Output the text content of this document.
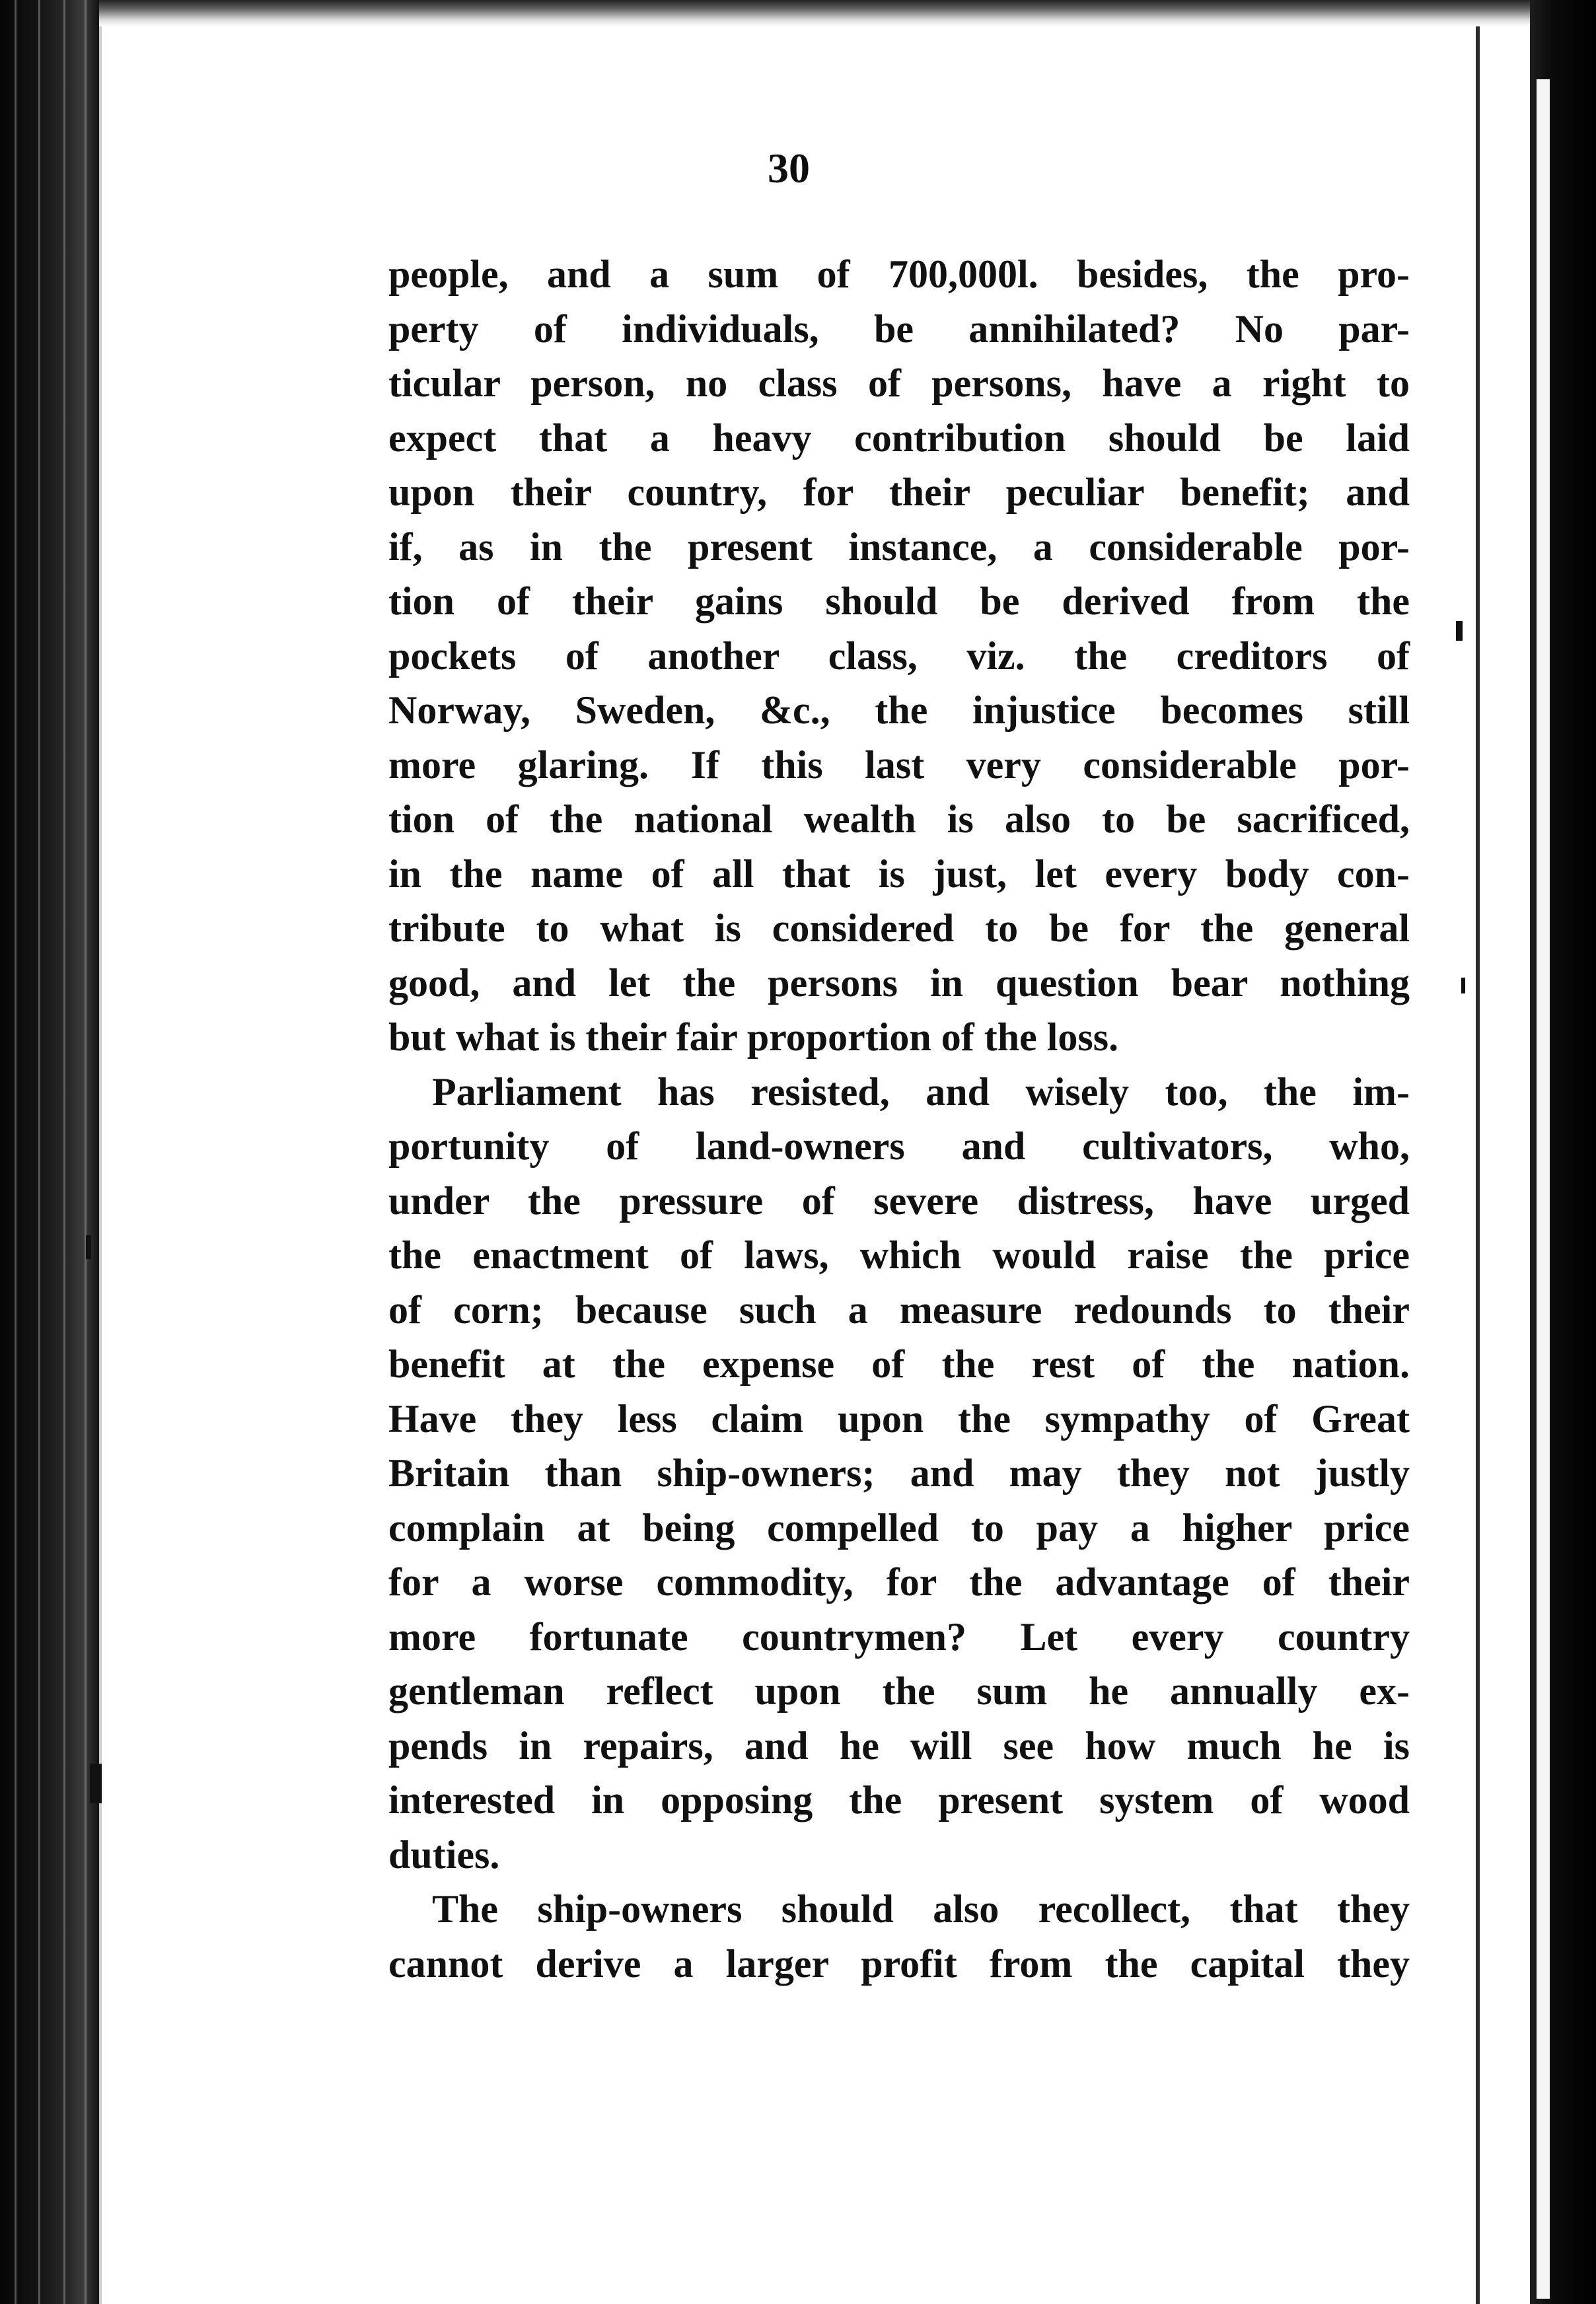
30
people, and a sum of 700,000l. besides, the pro-
perty of individuals, be annihilated? No par-
ticular person, no class of persons, have a right to
expect that a heavy contribution should be laid
upon their country, for their peculiar benefit; and
if, as in the present instance, a considerable por-
tion of their gains should be derived from the
pockets of another class, viz. the creditors of
Norway, Sweden, &c., the injustice becomes still
more glaring. If this last very considerable por-
tion of the national wealth is also to be sacrificed,
in the name of all that is just, let every body con-
tribute to what is considered to be for the general
good, and let the persons in question bear nothing
but what is their fair proportion of the loss.
Parliament has resisted, and wisely too, the im-
portunity of land-owners and cultivators, who,
under the pressure of severe distress, have urged
the enactment of laws, which would raise the price
of corn; because such a measure redounds to their
benefit at the expense of the rest of the nation.
Have they less claim upon the sympathy of Great
Britain than ship-owners; and may they not justly
complain at being compelled to pay a higher price
for a worse commodity, for the advantage of their
more fortunate countrymen? Let every country
gentleman reflect upon the sum he annually ex-
pends in repairs, and he will see how much he is
interested in opposing the present system of wood
duties.
The ship-owners should also recollect, that they
cannot derive a larger profit from the capital they
